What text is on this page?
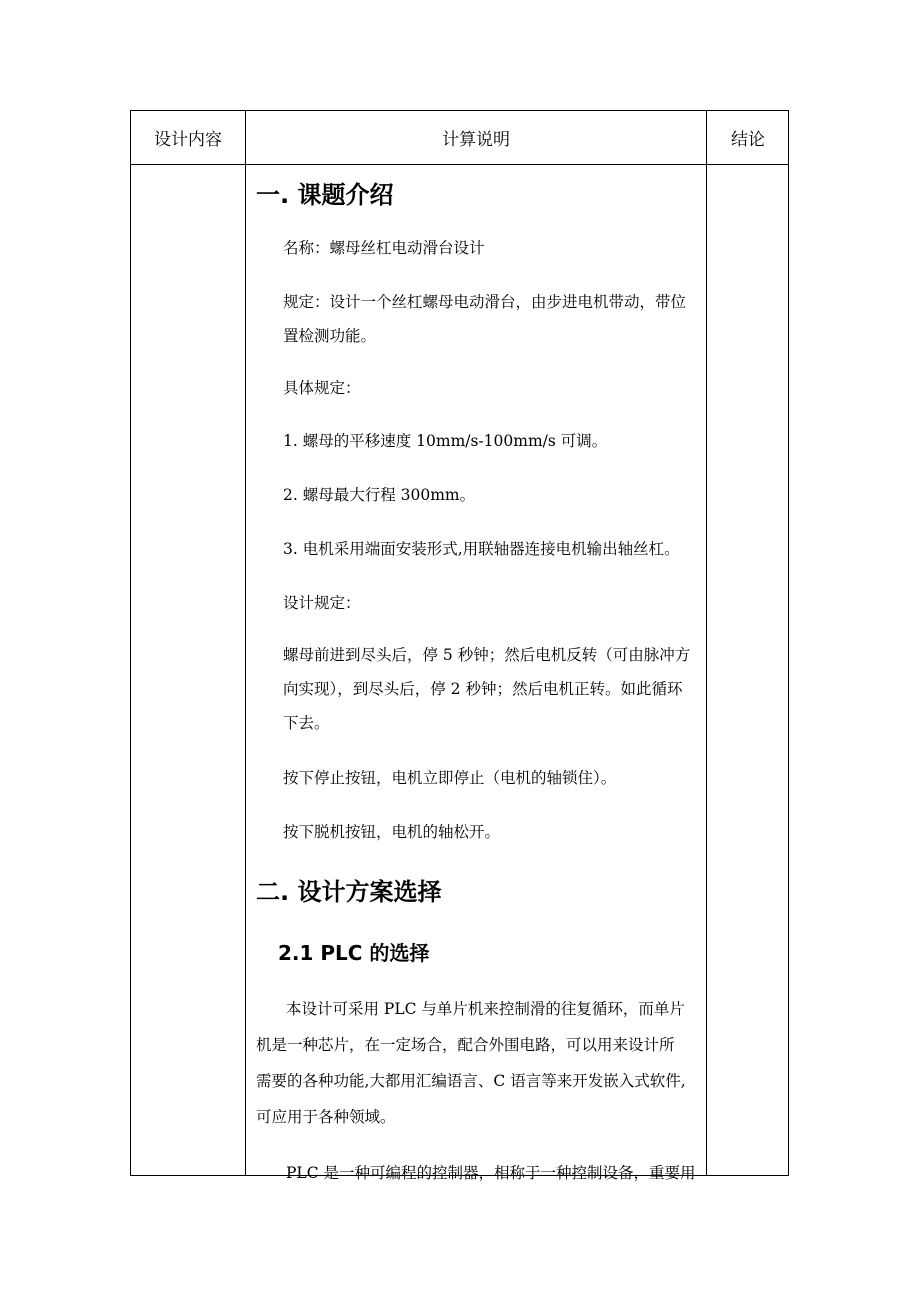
设计内容	计算说明	结论
一. 课题介绍
名称：螺母丝杠电动滑台设计
规定：设计一个丝杠螺母电动滑台，由步进电机带动，带位
置检测功能。
具体规定：
1. 螺母的平移速度 10mm/s-100mm/s 可调。
2. 螺母最大行程 300mm。
3. 电机采用端面安装形式,用联轴器连接电机输出轴丝杠。
设计规定：
螺母前进到尽头后，停 5 秒钟；然后电机反转（可由脉冲方
向实现），到尽头后，停 2 秒钟；然后电机正转。如此循环
下去。
按下停止按钮，电机立即停止（电机的轴锁住）。
按下脱机按钮，电机的轴松开。
二. 设计方案选择
2.1 PLC 的选择
本设计可采用 PLC 与单片机来控制滑的往复循环，而单片
机是一种芯片，在一定场合，配合外围电路，可以用来设计所
需要的各种功能,大都用汇编语言、C 语言等来开发嵌入式软件,
可应用于各种领域。
PLC 是一种可编程的控制器，相称于一种控制设备，重要用
